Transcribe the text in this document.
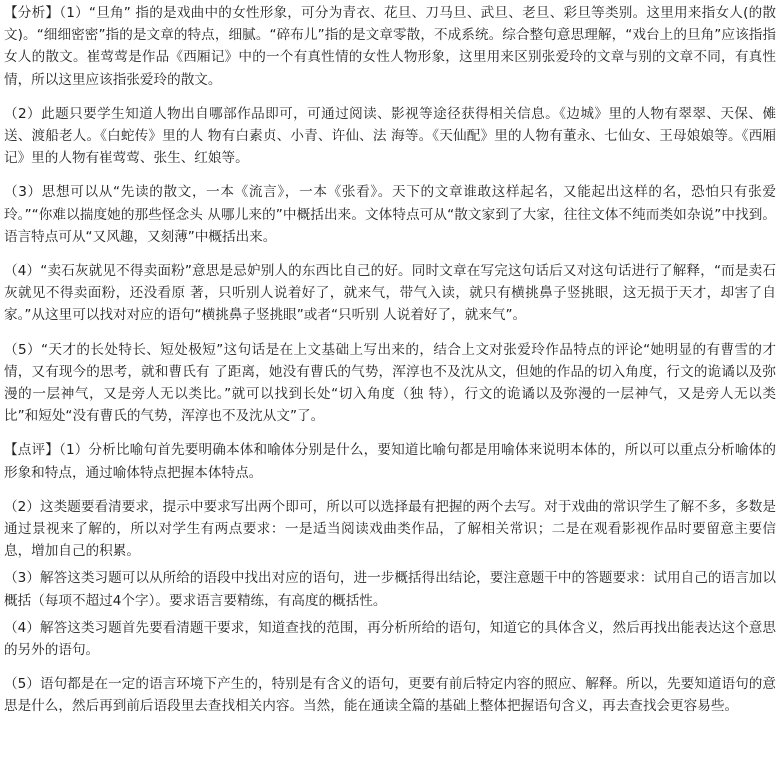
【分析】（1）“旦角” 指的是戏曲中的女性形象，可分为青衣、花旦、刀马旦、武旦、老旦、彩旦等类别。这里用来指女人(的散文)。“细细密密”指的是文章的特点，细腻。“碎布儿”指的是文章零散，不成系统。综合整句意思理解，“戏台上的旦角”应该指指女人的散文。崔莺莺是作品《西厢记》中的一个有真性情的女性人物形象，这里用来区别张爱玲的文章与别的文章不同，有真性情，所以这里应该指张爱玲的散文。

（2）此题只要学生知道人物出自哪部作品即可，可通过阅读、影视等途径获得相关信息。《边城》里的人物有翠翠、天保、傩送、渡船老人。《白蛇传》里的人 物有白素贞、小青、许仙、法 海等。《天仙配》里的人物有董永、七仙女、王母娘娘等。《西厢记》里的人物有崔莺莺、张生、红娘等。

（3）思想可以从“先读的散文，一本《流言》，一本《张看》。天下的文章谁敢这样起名，又能起出这样的名，恐怕只有张爱玲。”“你难以揣度她的那些怪念头 从哪儿来的”中概括出来。文体特点可从“散文家到了大家，往往文体不纯而类如杂说”中找到。语言特点可从“又风趣，又刻薄”中概括出来。

（4）“卖石灰就见不得卖面粉”意思是忌妒别人的东西比自己的好。同时文章在写完这句话后又对这句话进行了解释，“而是卖石灰就见不得卖面粉，还没看原 著，只听别人说着好了，就来气，带气入读，就只有横挑鼻子竖挑眼，这无损于天才，却害了自家。”从这里可以找对对应的语句“横挑鼻子竖挑眼”或者“只听别 人说着好了，就来气”。

（5）“天才的长处特长、短处极短”这句话是在上文基础上写出来的，结合上文对张爱玲作品特点的评论“她明显的有曹雪的才情，又有现今的思考，就和曹氏有 了距离，她没有曹氏的气势，浑淳也不及沈从文，但她的作品的切入角度，行文的诡谲以及弥漫的一层神气，又是旁人无以类比。”就可以找到长处“切入角度（独 特），行文的诡谲以及弥漫的一层神气，又是旁人无以类比”和短处“没有曹氏的气势，浑淳也不及沈从文”了。

【点评】（1）分析比喻句首先要明确本体和喻体分别是什么，要知道比喻句都是用喻体来说明本体的，所以可以重点分析喻体的形象和特点，通过喻体特点把握本体特点。

（2）这类题要看清要求，提示中要求写出两个即可，所以可以选择最有把握的两个去写。对于戏曲的常识学生了解不多，多数是通过景视来了解的，所以对学生有两点要求：一是适当阅读戏曲类作品，了解相关常识；二是在观看影视作品时要留意主要信息，增加自己的积累。

（3）解答这类习题可以从所给的语段中找出对应的语句，进一步概括得出结论，要注意题干中的答题要求：试用自己的语言加以概括（每项不超过4个字）。要求语言要精练，有高度的概括性。

（4）解答这类习题首先要看清题干要求，知道查找的范围，再分析所给的语句，知道它的具体含义，然后再找出能表达这个意思的另外的语句。

（5）语句都是在一定的语言环境下产生的，特别是有含义的语句，更要有前后特定内容的照应、解释。所以，先要知道语句的意思是什么，然后再到前后语段里去查找相关内容。当然，能在通读全篇的基础上整体把握语句含义，再去查找会更容易些。
